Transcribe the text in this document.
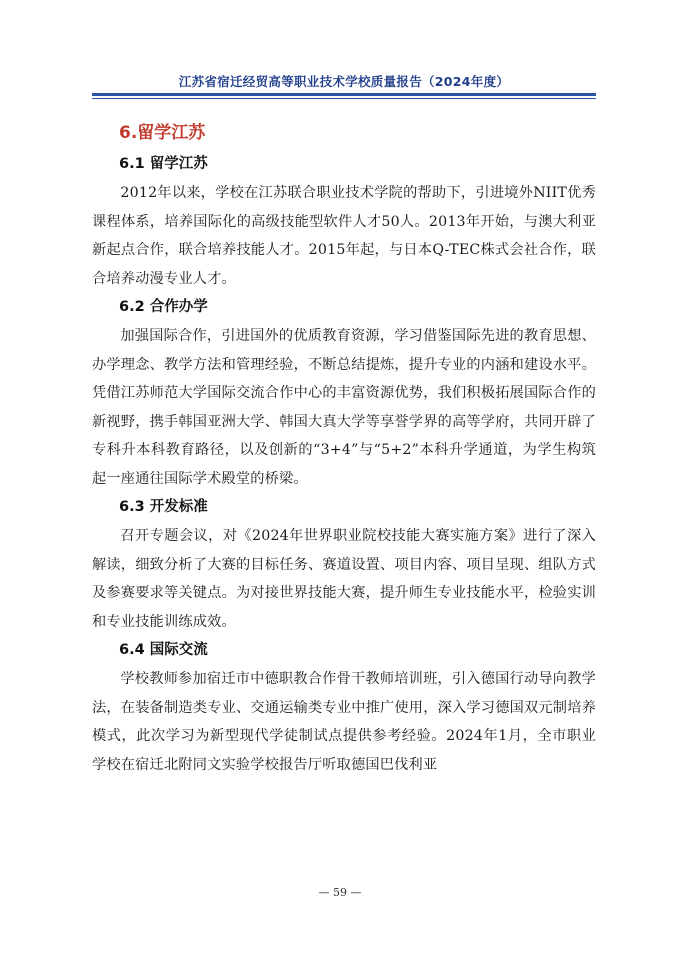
江苏省宿迁经贸高等职业技术学校质量报告（2024年度）
6.留学江苏
6.1 留学江苏

2012年以来，学校在江苏联合职业技术学院的帮助下，引进境外NIIT优秀课程体系，培养国际化的高级技能型软件人才50人。2013年开始，与澳大利亚新起点合作，联合培养技能人才。2015年起，与日本Q-TEC株式会社合作，联合培养动漫专业人才。

6.2 合作办学

加强国际合作，引进国外的优质教育资源，学习借鉴国际先进的教育思想、办学理念、教学方法和管理经验，不断总结提炼，提升专业的内涵和建设水平。凭借江苏师范大学国际交流合作中心的丰富资源优势，我们积极拓展国际合作的新视野，携手韩国亚洲大学、韩国大真大学等享誉学界的高等学府，共同开辟了专科升本科教育路径，以及创新的“3+4”与“5+2”本科升学通道，为学生构筑起一座通往国际学术殿堂的桥梁。

6.3 开发标准

召开专题会议，对《2024年世界职业院校技能大赛实施方案》进行了深入解读，细致分析了大赛的目标任务、赛道设置、项目内容、项目呈现、组队方式及参赛要求等关键点。为对接世界技能大赛，提升师生专业技能水平，检验实训和专业技能训练成效。

6.4 国际交流

学校教师参加宿迁市中德职教合作骨干教师培训班，引入德国行动导向教学法，在装备制造类专业、交通运输类专业中推广使用，深入学习德国双元制培养模式，此次学习为新型现代学徒制试点提供参考经验。2024年1月，全市职业学校在宿迁北附同文实验学校报告厅听取德国巴伐利亚

— 59 —
